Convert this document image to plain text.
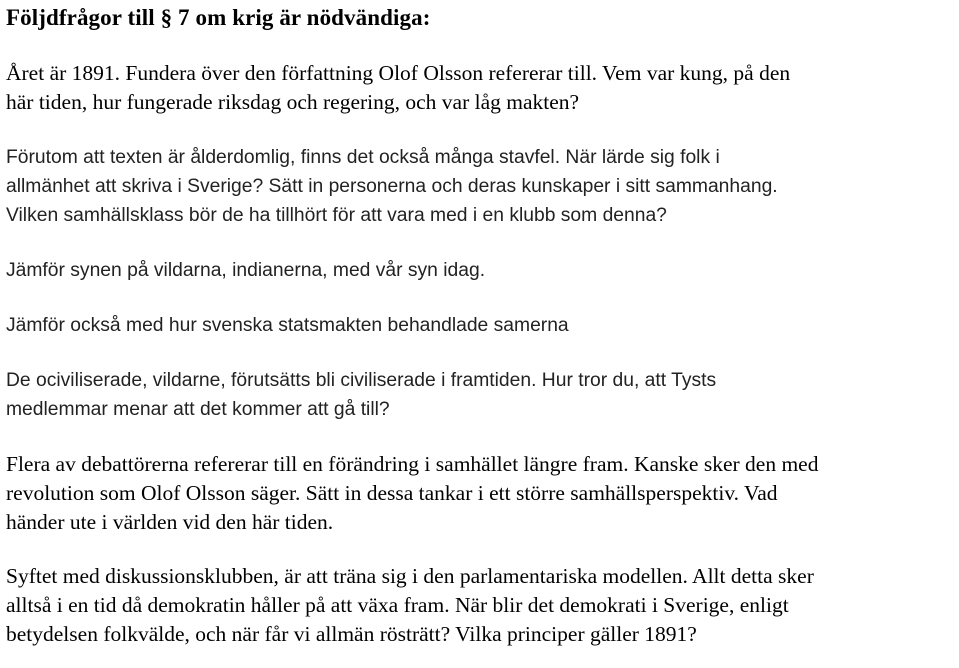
Följdfrågor till § 7 om krig är nödvändiga:

Året är 1891. Fundera över den författning Olof Olsson refererar till. Vem var kung, på den
här tiden, hur fungerade riksdag och regering, och var låg makten?

Förutom att texten är ålderdomlig, finns det också många stavfel. När lärde sig folk i
allmänhet att skriva i Sverige? Sätt in personerna och deras kunskaper i sitt sammanhang.
Vilken samhällsklass bör de ha tillhört för att vara med i en klubb som denna?

Jämför synen på vildarna, indianerna, med vår syn idag.

Jämför också med hur svenska statsmakten behandlade samerna

De ociviliserade, vildarne, förutsätts bli civiliserade i framtiden. Hur tror du, att Tysts
medlemmar menar att det kommer att gå till?

Flera av debattörerna refererar till en förändring i samhället längre fram. Kanske sker den med
revolution som Olof Olsson säger. Sätt in dessa tankar i ett större samhällsperspektiv. Vad
händer ute i världen vid den här tiden.

Syftet med diskussionsklubben, är att träna sig i den parlamentariska modellen. Allt detta sker
alltså i en tid då demokratin håller på att växa fram. När blir det demokrati i Sverige, enligt
betydelsen folkvälde, och när får vi allmän rösträtt? Vilka principer gäller 1891?
